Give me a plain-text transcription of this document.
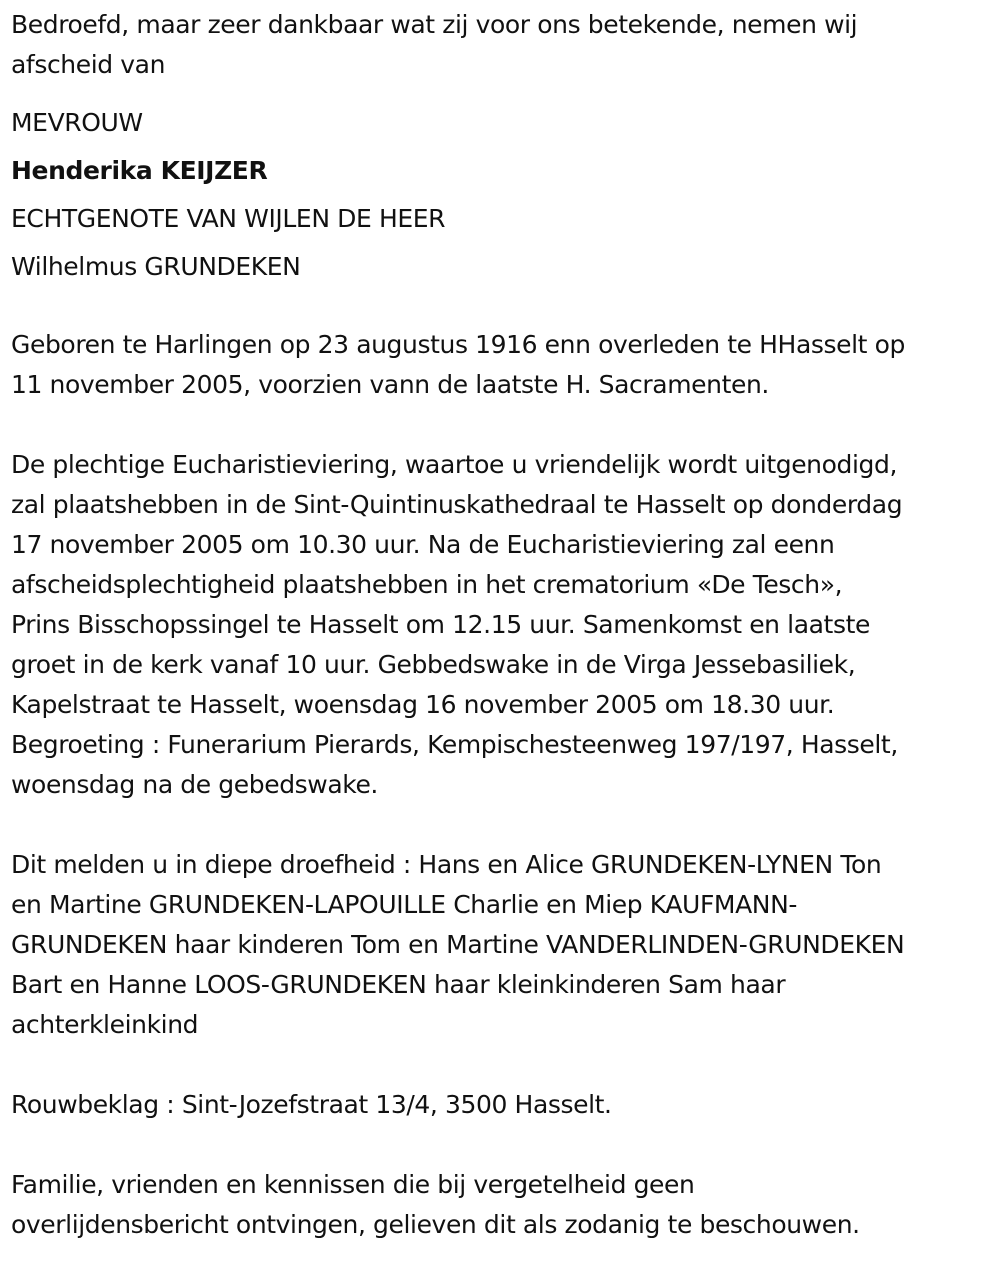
Bedroefd, maar zeer dankbaar wat zij voor ons betekende, nemen wij

afscheid van

MEVROUW

Henderika KEIJZER

ECHTGENOTE VAN WIJLEN DE HEER

Wilhelmus GRUNDEKEN

Geboren te Harlingen op 23 augustus 1916 enn overleden te HHasselt op

11 november 2005, voorzien vann de laatste H. Sacramenten.

De plechtige Eucharistieviering, waartoe u vriendelijk wordt uitgenodigd,

zal plaatshebben in de Sint-Quintinuskathedraal te Hasselt op donderdag

17 november 2005 om 10.30 uur. Na de Eucharistieviering zal eenn

afscheidsplechtigheid plaatshebben in het crematorium «De Tesch»,

Prins Bisschopssingel te Hasselt om 12.15 uur. Samenkomst en laatste

groet in de kerk vanaf 10 uur. Gebbedswake in de Virga Jessebasiliek,

Kapelstraat te Hasselt, woensdag 16 november 2005 om 18.30 uur.

Begroeting : Funerarium Pierards, Kempischesteenweg 197/197, Hasselt,

woensdag na de gebedswake.

Dit melden u in diepe droefheid : Hans en Alice GRUNDEKEN-LYNEN Ton

en Martine GRUNDEKEN-LAPOUILLE Charlie en Miep KAUFMANN-

GRUNDEKEN haar kinderen Tom en Martine VANDERLINDEN-GRUNDEKEN

Bart en Hanne LOOS-GRUNDEKEN haar kleinkinderen Sam haar

achterkleinkind

Rouwbeklag : Sint-Jozefstraat 13/4, 3500 Hasselt.

Familie, vrienden en kennissen die bij vergetelheid geen

overlijdensbericht ontvingen, gelieven dit als zodanig te beschouwen.
